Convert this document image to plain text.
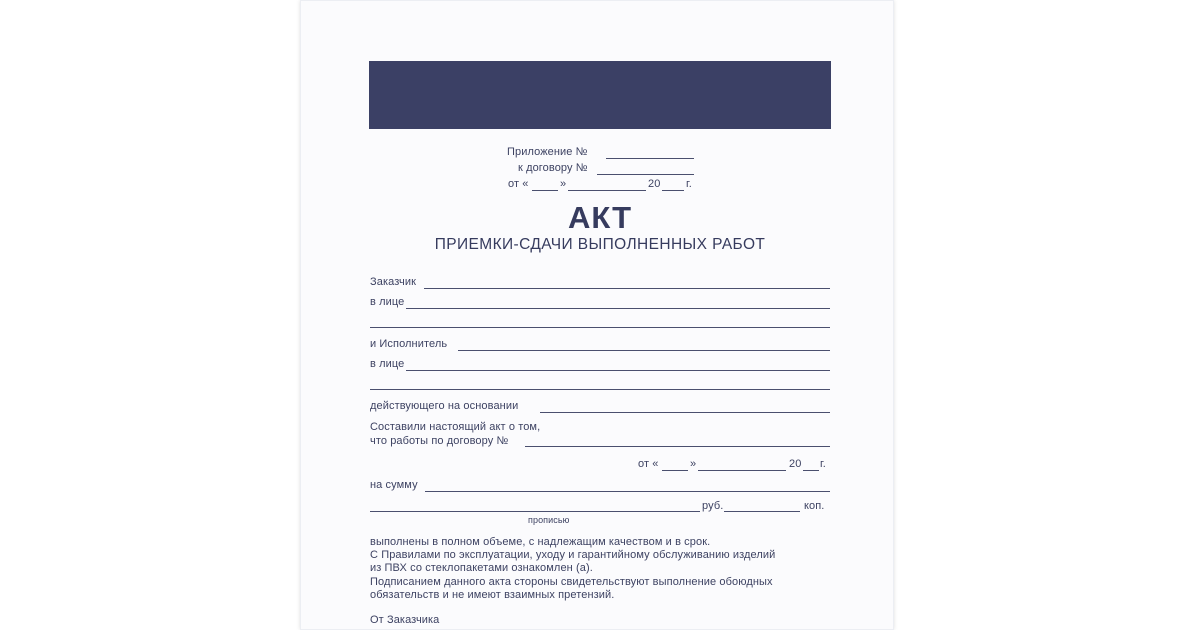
Приложение №
к договору №
от «	»	20 г.
АКТ
ПРИЕМКИ-СДАЧИ ВЫПОЛНЕННЫХ РАБОТ
Заказчик
в лице
и Исполнитель
в лице
действующего на основании
Составили настоящий акт о том,
что работы по договору №
от «	»	20 г.
на сумму
руб.	коп.
прописью
выполнены в полном объеме, с надлежащим качеством и в срок.
С Правилами по эксплуатации, уходу и гарантийному обслуживанию изделий
из ПВХ со стеклопакетами ознакомлен (а).
Подписанием данного акта стороны свидетельствуют выполнение обоюдных
обязательств и не имеют взаимных претензий.
От Заказчика
